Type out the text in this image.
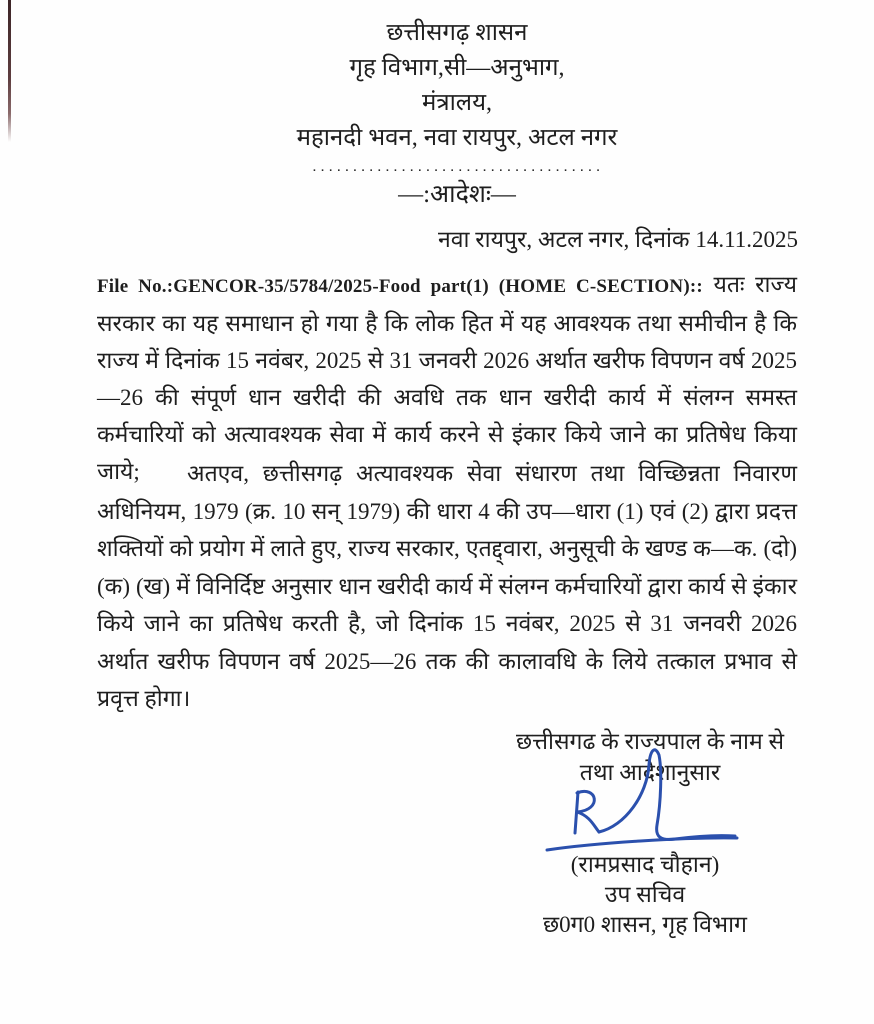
छत्तीसगढ़ शासन
गृह विभाग,सी—अनुभाग,
मंत्रालय,
महानदी भवन, नवा रायपुर, अटल नगर
....................................
—:आदेशः—
नवा रायपुर, अटल नगर, दिनांक 14.11.2025
File No.:GENCOR-35/5784/2025-Food part(1) (HOME C-SECTION):: यतः राज्य सरकार का यह समाधान हो गया है कि लोक हित में यह आवश्यक तथा समीचीन है कि राज्य में दिनांक 15 नवंबर, 2025 से 31 जनवरी 2026 अर्थात खरीफ विपणन वर्ष 2025—26 की संपूर्ण धान खरीदी की अवधि तक धान खरीदी कार्य में संलग्न समस्त कर्मचारियों को अत्यावश्यक सेवा में कार्य करने से इंकार किये जाने का प्रतिषेध किया जाये;	अतएव, छत्तीसगढ़ अत्यावश्यक सेवा संधारण तथा विच्छिन्नता निवारण अधिनियम, 1979 (क्र. 10 सन् 1979) की धारा 4 की उप—धारा (1) एवं (2) द्वारा प्रदत्त शक्तियों को प्रयोग में लाते हुए, राज्य सरकार, एतद्द्वारा, अनुसूची के खण्ड क—क. (दो) (क) (ख) में विनिर्दिष्ट अनुसार धान खरीदी कार्य में संलग्न कर्मचारियों द्वारा कार्य से इंकार किये जाने का प्रतिषेध करती है, जो दिनांक 15 नवंबर, 2025 से 31 जनवरी 2026 अर्थात खरीफ विपणन वर्ष 2025—26 तक की कालावधि के लिये तत्काल प्रभाव से प्रवृत्त होगा।
छत्तीसगढ के राज्यपाल के नाम से
तथा आदेशानुसार
(रामप्रसाद चौहान)
उप सचिव
छ0ग0 शासन, गृह विभाग
